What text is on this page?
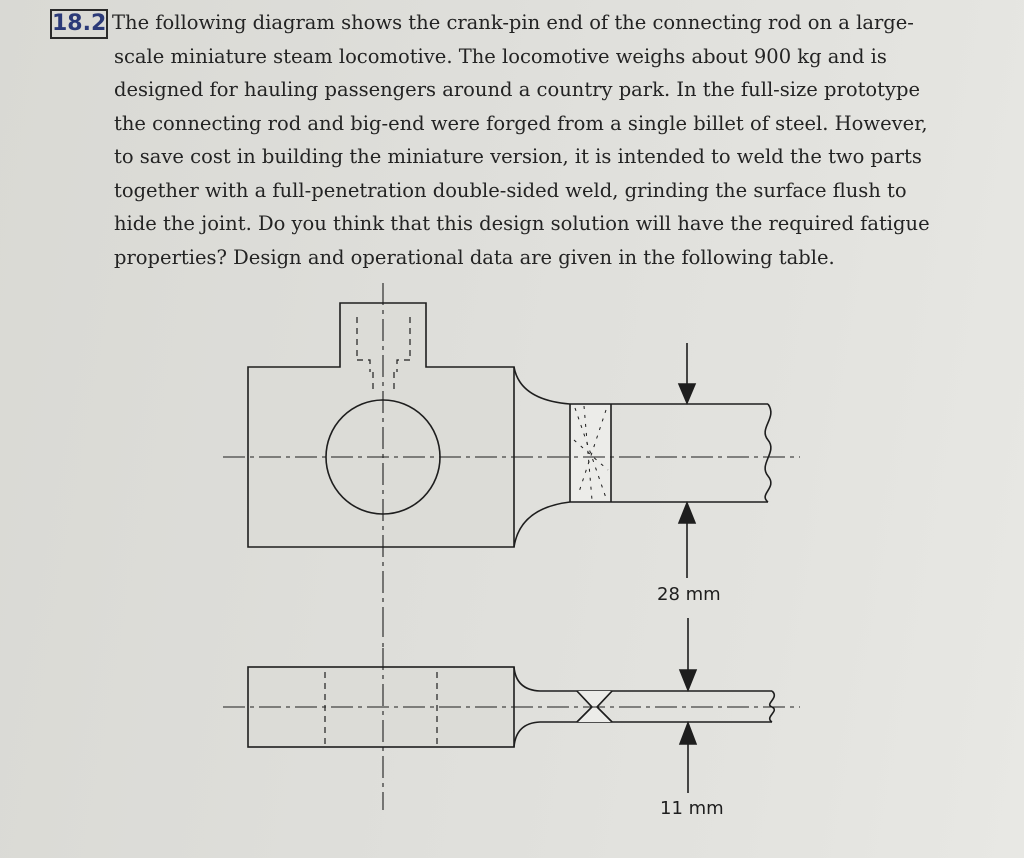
18.2 The following diagram shows the crank-pin end of the connecting rod on a large-
scale miniature steam locomotive. The locomotive weighs about 900 kg and is
designed for hauling passengers around a country park. In the full-size prototype
the connecting rod and big-end were forged from a single billet of steel. However,
to save cost in building the miniature version, it is intended to weld the two parts
together with a full-penetration double-sided weld, grinding the surface flush to
hide the joint. Do you think that this design solution will have the required fatigue
properties? Design and operational data are given in the following table.
28 mm
11 mm
